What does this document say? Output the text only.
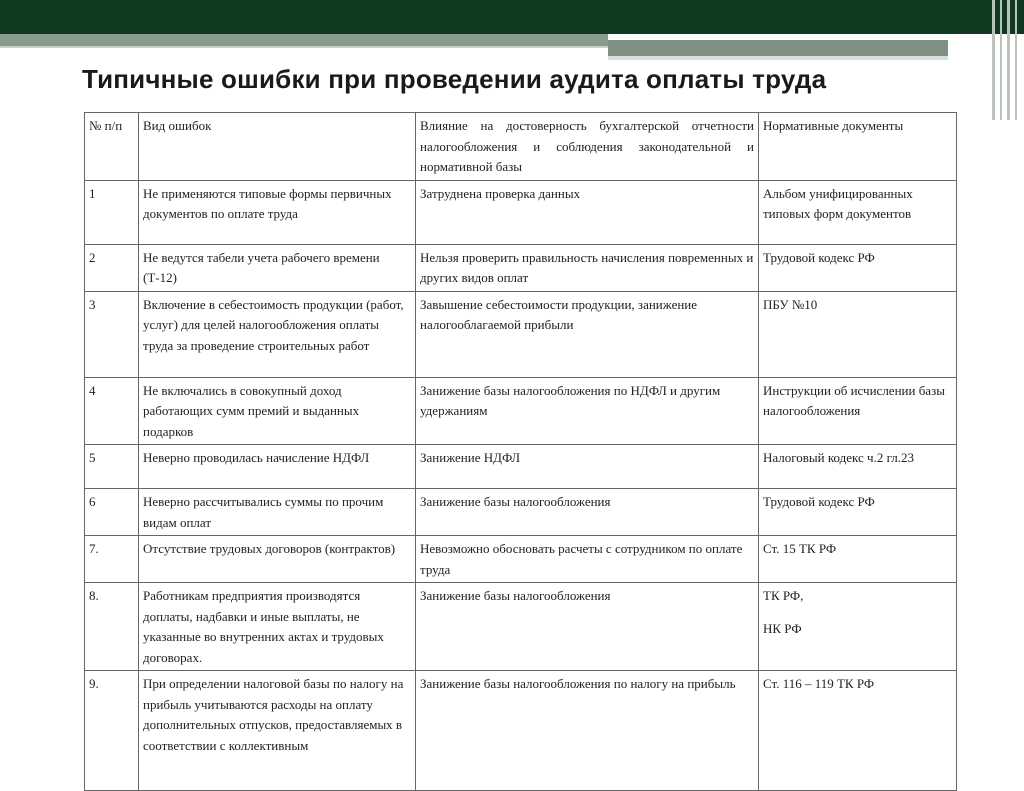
Типичные ошибки при проведении аудита оплаты труда
№ п/п	Вид ошибок	Влияние на достоверность бухгалтерской отчетности налогообложения и соблюдения законодательной и нормативной базы	Нормативные документы
1	Не применяются типовые формы первичных документов по оплате труда	Затруднена проверка данных	Альбом унифицированных типовых форм документов
2	Не ведутся табели учета рабочего времени (Т-12)	Нельзя проверить правильность начисления повременных и других видов оплат	Трудовой кодекс РФ
3	Включение в себестоимость продукции (работ, услуг) для целей налогообложения оплаты труда за проведение строительных работ	Завышение себестоимости продукции, занижение налогооблагаемой прибыли	ПБУ №10
4	Не включались в совокупный доход работающих сумм премий и выданных подарков	Занижение базы налогообложения по НДФЛ и другим удержаниям	Инструкции об исчислении базы налогообложения
5	Неверно проводилась начисление НДФЛ	Занижение НДФЛ	Налоговый кодекс ч.2 гл.23
6	Неверно рассчитывались суммы по прочим видам оплат	Занижение базы налогообложения	Трудовой кодекс РФ
7.	Отсутствие трудовых договоров (контрактов)	Невозможно обосновать расчеты с сотрудником по оплате труда	Ст. 15 ТК РФ
8.	Работникам предприятия производятся доплаты, надбавки и иные выплаты, не указанные во внутренних актах и трудовых договорах.	Занижение базы налогообложения	ТК РФ,
НК РФ

9.	При определении налоговой базы по налогу на прибыль учитываются расходы на оплату дополнительных отпусков, предоставляемых в соответствии с коллективным	Занижение базы налогообложения по налогу на прибыль	Ст. 116 – 119 ТК РФ
